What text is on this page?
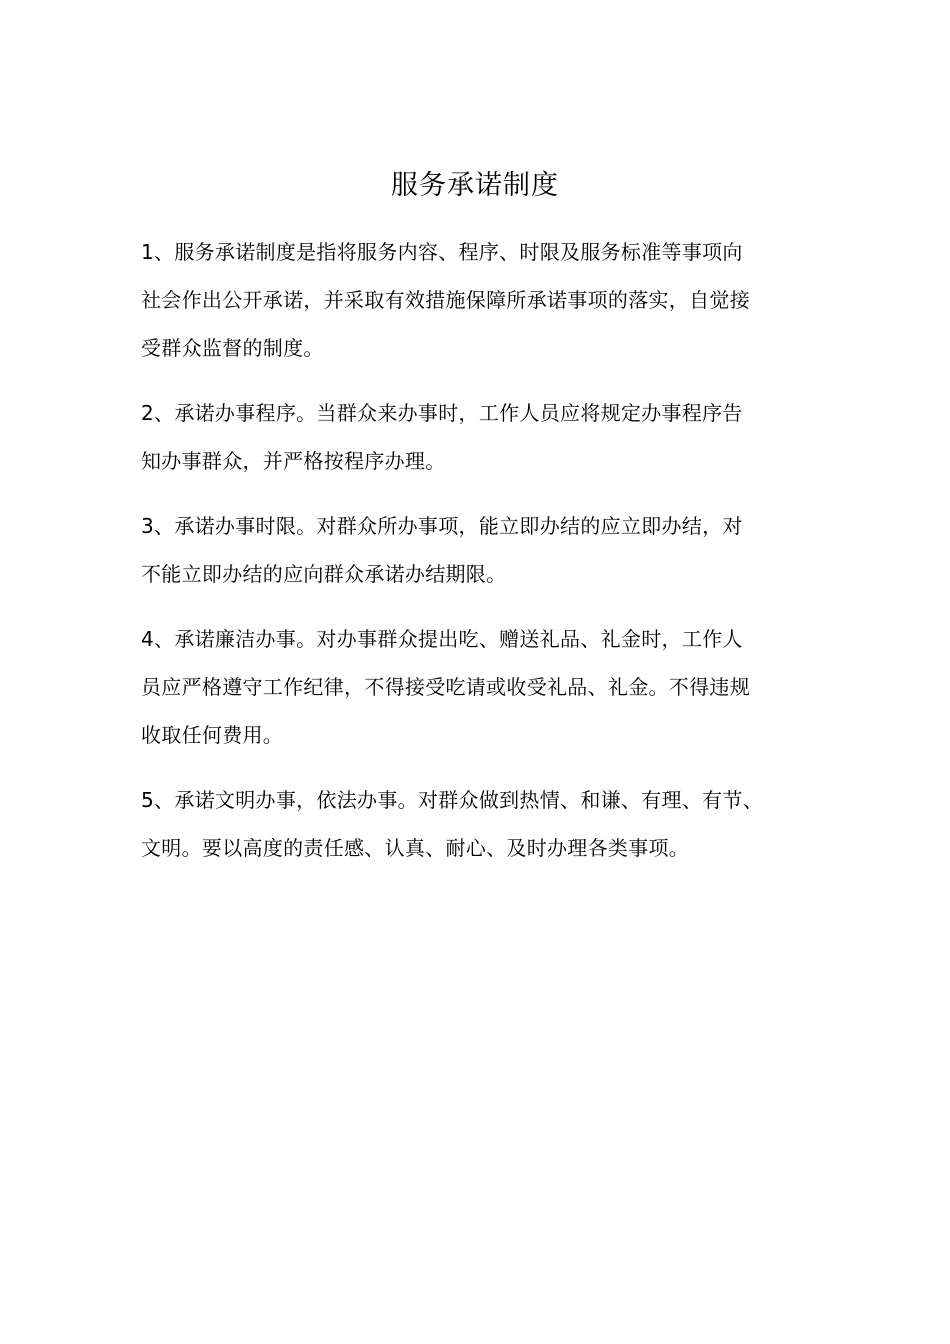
服务承诺制度

1、服务承诺制度是指将服务内容、程序、时限及服务标准等事项向
社会作出公开承诺，并采取有效措施保障所承诺事项的落实，自觉接
受群众监督的制度。

2、承诺办事程序。当群众来办事时，工作人员应将规定办事程序告
知办事群众，并严格按程序办理。

3、承诺办事时限。对群众所办事项，能立即办结的应立即办结，对
不能立即办结的应向群众承诺办结期限。

4、承诺廉洁办事。对办事群众提出吃、赠送礼品、礼金时，工作人
员应严格遵守工作纪律，不得接受吃请或收受礼品、礼金。不得违规
收取任何费用。

5、承诺文明办事，依法办事。对群众做到热情、和谦、有理、有节、
文明。要以高度的责任感、认真、耐心、及时办理各类事项。
